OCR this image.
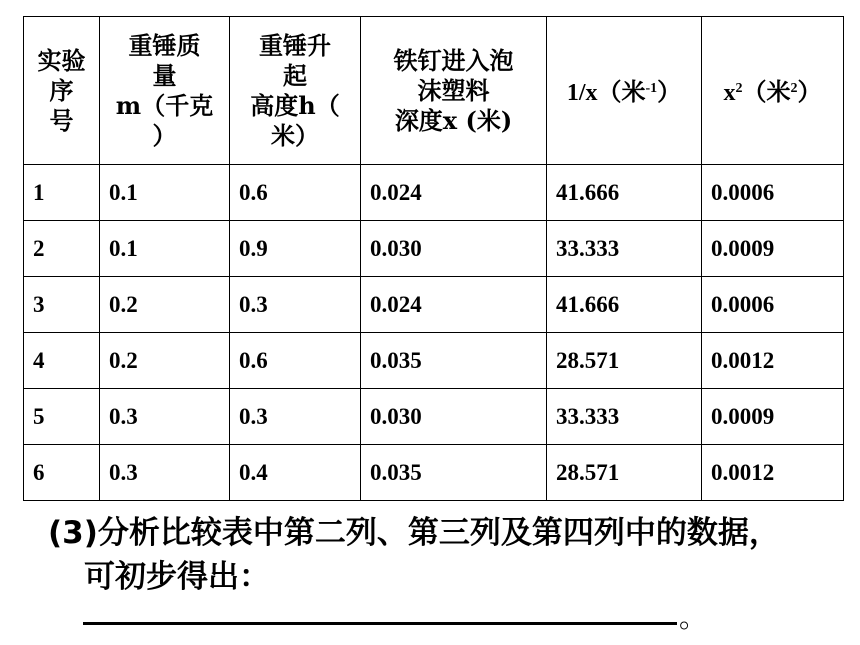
实验
序
号	重锤质
量
m（千克
）	重锤升
起
高度h（
米）	铁钉进入泡
沫塑料
深度x (米)	1/x（米$^{-1}$）	$x^2$（米$^2$）
1	0.1	0.6	0.024	41.666	0.0006
2	0.1	0.9	0.030	33.333	0.0009
3	0.2	0.3	0.024	41.666	0.0006
4	0.2	0.6	0.035	28.571	0.0012
5	0.3	0.3	0.030	33.333	0.0009
6	0.3	0.4	0.035	28.571	0.0012
(3)分析比较表中第二列、第三列及第四列中的数据，
可初步得出：
。
